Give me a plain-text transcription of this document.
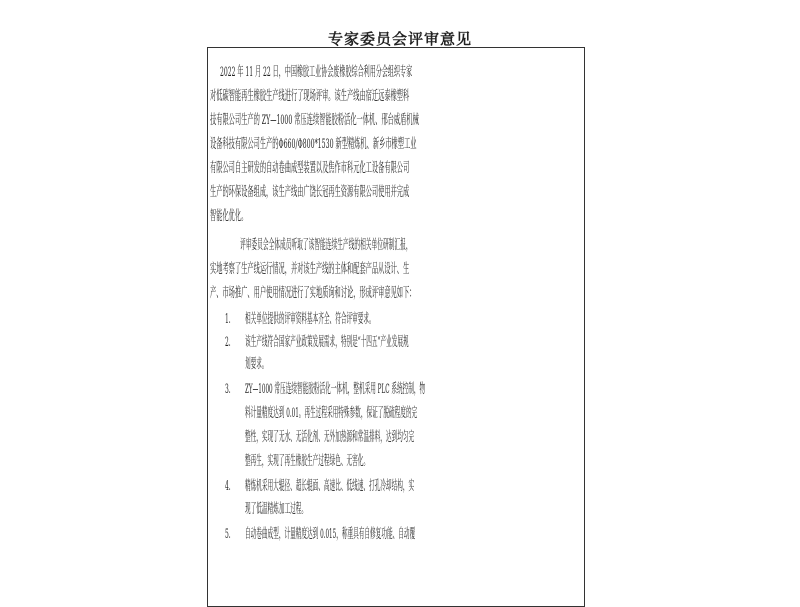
专家委员会评审意见
2022 年 11 月 22 日，中国橡胶工业协会废橡胶综合利用分会组织专家
对低碳智能再生橡胶生产线进行了现场评审。该生产线由宿迁远泰橡塑科
技有限公司生产的 ZY—1000 常压连续智能胶粉活化一体机、邢台威盾机械
设备科技有限公司生产的Φ660/Φ800*1530 新型精炼机、新乡市橡塑工业
有限公司自主研发的自动卷曲成型装置以及焦作市科元化工设备有限公司
生产的环保设备组成，该生产线由广饶长冠再生资源有限公司使用并完成
智能化优化。
评审委员会全体成员听取了该智能连续生产线的相关单位研制汇报，
实地考察了生产线运行情况，并对该生产线的主体和配套产品从设计、生
产、市场推广、用户使用情况进行了实地质询和讨论，形成评审意见如下：
1.	相关单位提供的评审资料基本齐全、符合评审要求。
2.	该生产线符合国家产业政策发展需求，特别是“十四五”产业发展规
划要求。
3.	ZY—1000 常压连续智能胶粉活化一体机，整机采用 PLC 系统控制，物
料计量精度达到 0.01。再生过程采用特殊参数，保证了脱硫程度的完
整性，实现了无水、无活化剂、无外加热源和常温排料，达到均匀完
整再生，实现了再生橡胶生产过程绿色、无害化。
4.	精炼机采用大辊径、超长辊面、高速比、低线速、打孔冷却结构，实
现了低温精炼加工过程。
5.	自动卷曲成型，计量精度达到 0.015，称重具有自修复功能、自动覆
